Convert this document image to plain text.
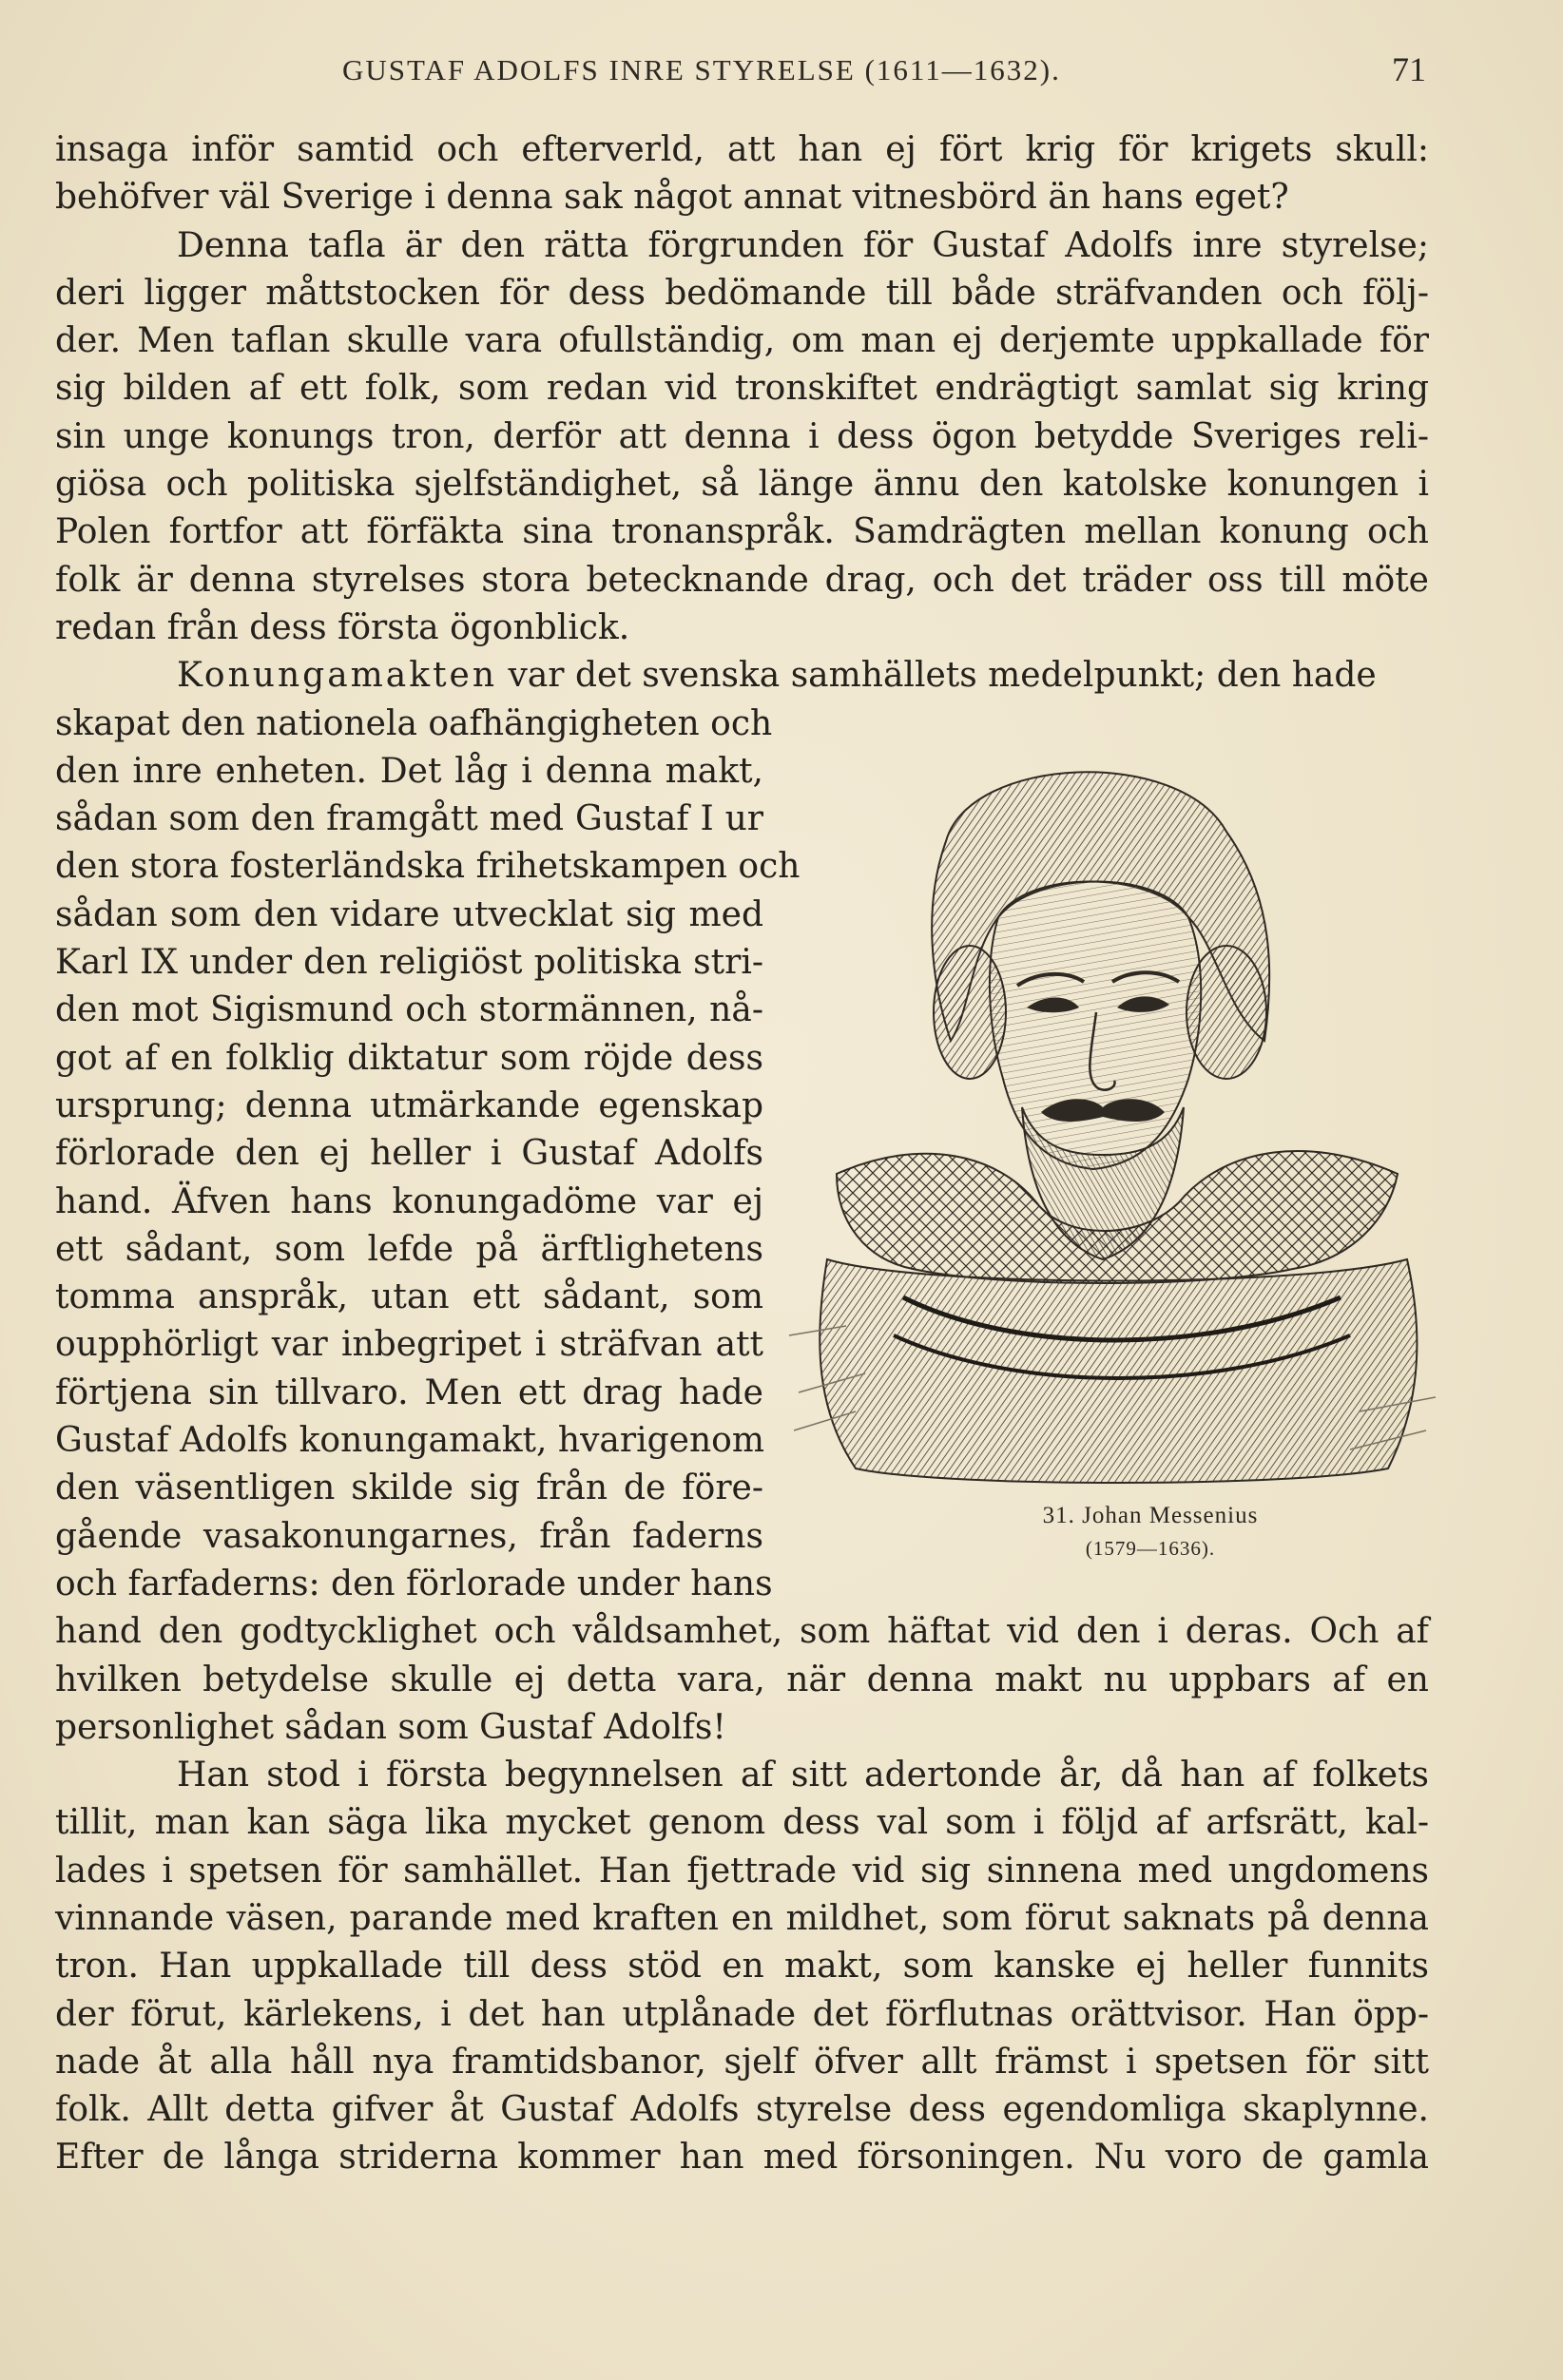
GUSTAF ADOLFS INRE STYRELSE (1611—1632).	71
insaga inför samtid och efterverld, att han ej fört krig för krigets skull:
behöfver väl Sverige i denna sak något annat vitnesbörd än hans eget?
Denna tafla är den rätta förgrunden för Gustaf Adolfs inre styrelse;
deri ligger måttstocken för dess bedömande till både sträfvanden och följ-
der. Men taflan skulle vara ofullständig, om man ej derjemte uppkallade för
sig bilden af ett folk, som redan vid tronskiftet endrägtigt samlat sig kring
sin unge konungs tron, derför att denna i dess ögon betydde Sveriges reli-
giösa och politiska sjelfständighet, så länge ännu den katolske konungen i
Polen fortfor att förfäkta sina tronanspråk. Samdrägten mellan konung och
folk är denna styrelses stora betecknande drag, och det träder oss till möte
redan från dess första ögonblick.
Konungamakten var det svenska samhällets medelpunkt; den hade
skapat den nationela oafhängigheten och
den inre enheten. Det låg i denna makt,
sådan som den framgått med Gustaf I ur
den stora fosterländska frihetskampen och
sådan som den vidare utvecklat sig med
Karl IX under den religiöst politiska stri-
den mot Sigismund och stormännen, nå-
got af en folklig diktatur som röjde dess
ursprung; denna utmärkande egenskap
förlorade den ej heller i Gustaf Adolfs
hand. Äfven hans konungadöme var ej
ett sådant, som lefde på ärftlighetens
tomma anspråk, utan ett sådant, som
oupphörligt var inbegripet i sträfvan att
förtjena sin tillvaro. Men ett drag hade
Gustaf Adolfs konungamakt, hvarigenom
den väsentligen skilde sig från de före-
gående vasakonungarnes, från faderns
och farfaderns: den förlorade under hans
hand den godtycklighet och våldsamhet, som häftat vid den i deras. Och af
hvilken betydelse skulle ej detta vara, när denna makt nu uppbars af en
personlighet sådan som Gustaf Adolfs!
Han stod i första begynnelsen af sitt adertonde år, då han af folkets
tillit, man kan säga lika mycket genom dess val som i följd af arfsrätt, kal-
lades i spetsen för samhället. Han fjettrade vid sig sinnena med ungdomens
vinnande väsen, parande med kraften en mildhet, som förut saknats på denna
tron. Han uppkallade till dess stöd en makt, som kanske ej heller funnits
der förut, kärlekens, i det han utplånade det förflutnas orättvisor. Han öpp-
nade åt alla håll nya framtidsbanor, sjelf öfver allt främst i spetsen för sitt
folk. Allt detta gifver åt Gustaf Adolfs styrelse dess egendomliga skaplynne.
Efter de långa striderna kommer han med försoningen. Nu voro de gamla
31. Johan Messenius
(1579—1636).
